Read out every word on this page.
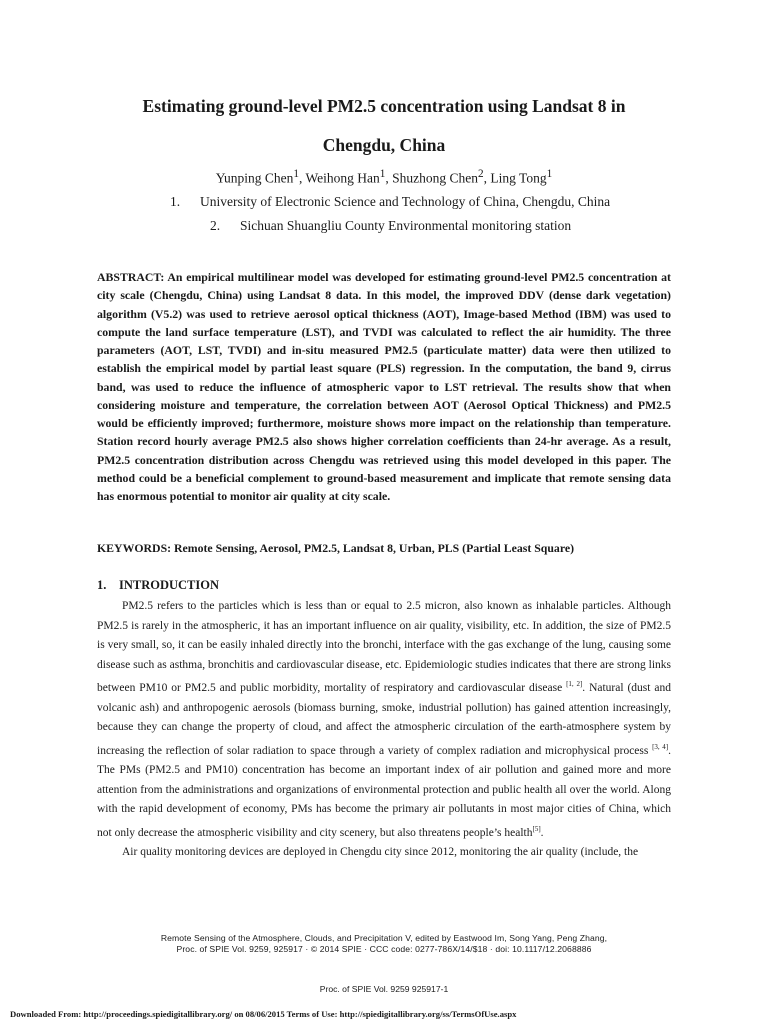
Estimating ground-level PM2.5 concentration using Landsat 8 in
Chengdu, China
Yunping Chen$^1$, Weihong Han$^1$, Shuzhong Chen$^2$, Ling Tong$^1$
1. University of Electronic Science and Technology of China, Chengdu, China
2. Sichuan Shuangliu County Environmental monitoring station
ABSTRACT: An empirical multilinear model was developed for estimating ground-level PM2.5 concentration at city scale (Chengdu, China) using Landsat 8 data. In this model, the improved DDV (dense dark vegetation) algorithm (V5.2) was used to retrieve aerosol optical thickness (AOT), Image-based Method (IBM) was used to compute the land surface temperature (LST), and TVDI was calculated to reflect the air humidity. The three parameters (AOT, LST, TVDI) and in-situ measured PM2.5 (particulate matter) data were then utilized to establish the empirical model by partial least square (PLS) regression. In the computation, the band 9, cirrus band, was used to reduce the influence of atmospheric vapor to LST retrieval. The results show that when considering moisture and temperature, the correlation between AOT (Aerosol Optical Thickness) and PM2.5 would be efficiently improved; furthermore, moisture shows more impact on the relationship than temperature. Station record hourly average PM2.5 also shows higher correlation coefficients than 24-hr average. As a result, PM2.5 concentration distribution across Chengdu was retrieved using this model developed in this paper. The method could be a beneficial complement to ground-based measurement and implicate that remote sensing data has enormous potential to monitor air quality at city scale.
KEYWORDS: Remote Sensing, Aerosol, PM2.5, Landsat 8, Urban, PLS (Partial Least Square)
1. INTRODUCTION

PM2.5 refers to the particles which is less than or equal to 2.5 micron, also known as inhalable particles. Although PM2.5 is rarely in the atmospheric, it has an important influence on air quality, visibility, etc. In addition, the size of PM2.5 is very small, so, it can be easily inhaled directly into the bronchi, interface with the gas exchange of the lung, causing some disease such as asthma, bronchitis and cardiovascular disease, etc. Epidemiologic studies indicates that there are strong links between PM10 or PM2.5 and public morbidity, mortality of respiratory and cardiovascular disease [1, 2]. Natural (dust and volcanic ash) and anthropogenic aerosols (biomass burning, smoke, industrial pollution) has gained attention increasingly, because they can change the property of cloud, and affect the atmospheric circulation of the earth-atmosphere system by increasing the reflection of solar radiation to space through a variety of complex radiation and microphysical process [3, 4]. The PMs (PM2.5 and PM10) concentration has become an important index of air pollution and gained more and more attention from the administrations and organizations of environmental protection and public health all over the world. Along with the rapid development of economy, PMs has become the primary air pollutants in most major cities of China, which not only decrease the atmospheric visibility and city scenery, but also threatens people’s health[5].

Air quality monitoring devices are deployed in Chengdu city since 2012, monitoring the air quality (include, the

Remote Sensing of the Atmosphere, Clouds, and Precipitation V, edited by Eastwood Im, Song Yang, Peng Zhang,
Proc. of SPIE Vol. 9259, 925917 · © 2014 SPIE · CCC code: 0277-786X/14/$18 · doi: 10.1117/12.2068886
Proc. of SPIE Vol. 9259 925917-1
Downloaded From: http://proceedings.spiedigitallibrary.org/ on 08/06/2015 Terms of Use: http://spiedigitallibrary.org/ss/TermsOfUse.aspx
